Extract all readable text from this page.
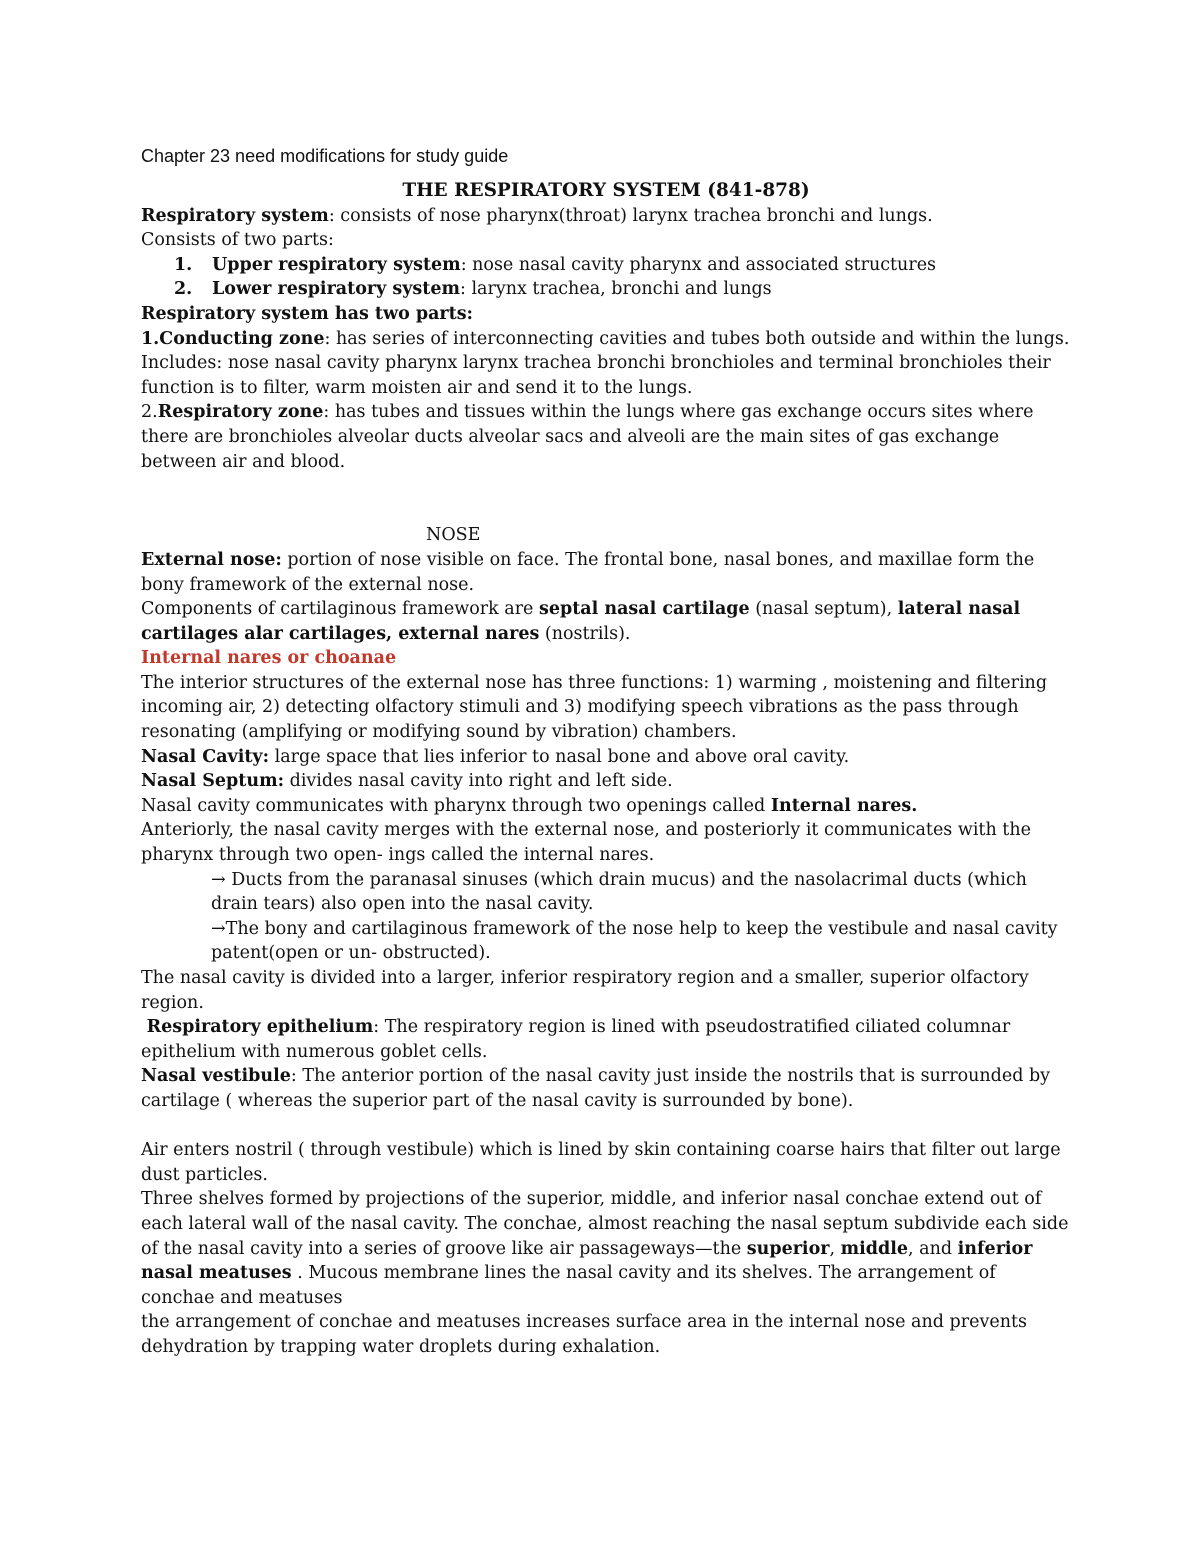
Chapter 23 need modifications for study guide

THE RESPIRATORY SYSTEM (841-878)

Respiratory system: consists of nose pharynx(throat) larynx trachea bronchi and lungs.

Consists of two parts:

1.	Upper respiratory system: nose nasal cavity pharynx and associated structures
2.	Lower respiratory system: larynx trachea, bronchi and lungs

Respiratory system has two parts:

1.Conducting zone: has series of interconnecting cavities and tubes both outside and within the lungs. Includes: nose nasal cavity pharynx larynx trachea bronchi bronchioles and terminal bronchioles their function is to filter, warm moisten air and send it to the lungs.

2.Respiratory zone: has tubes and tissues within the lungs where gas exchange occurs sites where there are bronchioles alveolar ducts alveolar sacs and alveoli are the main sites of gas exchange between air and blood.

NOSE

External nose: portion of nose visible on face. The frontal bone, nasal bones, and maxillae form the bony framework of the external nose.

Components of cartilaginous framework are septal nasal cartilage (nasal septum), lateral nasal cartilages alar cartilages, external nares (nostrils).

Internal nares or choanae

The interior structures of the external nose has three functions: 1) warming , moistening and filtering incoming air, 2) detecting olfactory stimuli and 3) modifying speech vibrations as the pass through resonating (amplifying or modifying sound by vibration) chambers.

Nasal Cavity: large space that lies inferior to nasal bone and above oral cavity.

Nasal Septum: divides nasal cavity into right and left side.

Nasal cavity communicates with pharynx through two openings called Internal nares.

Anteriorly, the nasal cavity merges with the external nose, and posteriorly it communicates with the pharynx through two open- ings called the internal nares.

→ Ducts from the paranasal sinuses (which drain mucus) and the nasolacrimal ducts (which drain tears) also open into the nasal cavity.

→The bony and cartilaginous framework of the nose help to keep the vestibule and nasal cavity patent(open or un- obstructed).

The nasal cavity is divided into a larger, inferior respiratory region and a smaller, superior olfactory region.

Respiratory epithelium: The respiratory region is lined with pseudostratified ciliated columnar epithelium with numerous goblet cells.

Nasal vestibule: The anterior portion of the nasal cavity just inside the nostrils that is surrounded by cartilage ( whereas the superior part of the nasal cavity is surrounded by bone).

Air enters nostril ( through vestibule) which is lined by skin containing coarse hairs that filter out large dust particles.

Three shelves formed by projections of the superior, middle, and inferior nasal conchae extend out of each lateral wall of the nasal cavity. The conchae, almost reaching the nasal septum subdivide each side of the nasal cavity into a series of groove like air passageways—the superior, middle, and inferior nasal meatuses . Mucous membrane lines the nasal cavity and its shelves. The arrangement of conchae and meatuses

the arrangement of conchae and meatuses increases surface area in the internal nose and prevents dehydration by trapping water droplets during exhalation.
